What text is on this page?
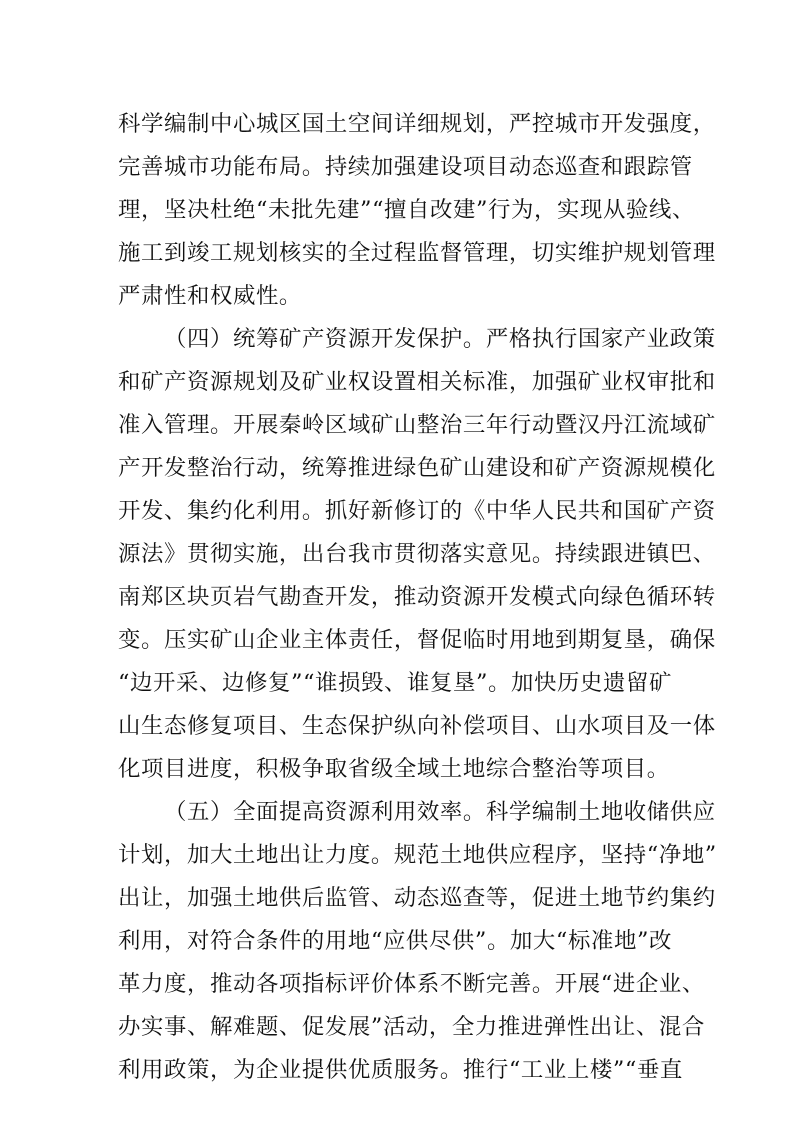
科学编制中心城区国土空间详细规划，严控城市开发强度，
完善城市功能布局。持续加强建设项目动态巡查和跟踪管
理，坚决杜绝“未批先建”“擅自改建”行为，实现从验线、
施工到竣工规划核实的全过程监督管理，切实维护规划管理
严肃性和权威性。
（四）统筹矿产资源开发保护。严格执行国家产业政策
和矿产资源规划及矿业权设置相关标准，加强矿业权审批和
准入管理。开展秦岭区域矿山整治三年行动暨汉丹江流域矿
产开发整治行动，统筹推进绿色矿山建设和矿产资源规模化
开发、集约化利用。抓好新修订的《中华人民共和国矿产资
源法》贯彻实施，出台我市贯彻落实意见。持续跟进镇巴、
南郑区块页岩气勘查开发，推动资源开发模式向绿色循环转
变。压实矿山企业主体责任，督促临时用地到期复垦，确保
“边开采、边修复”“谁损毁、谁复垦”。加快历史遗留矿
山生态修复项目、生态保护纵向补偿项目、山水项目及一体
化项目进度，积极争取省级全域土地综合整治等项目。
（五）全面提高资源利用效率。科学编制土地收储供应
计划，加大土地出让力度。规范土地供应程序，坚持“净地”
出让，加强土地供后监管、动态巡查等，促进土地节约集约
利用，对符合条件的用地“应供尽供”。加大“标准地”改
革力度，推动各项指标评价体系不断完善。开展“进企业、
办实事、解难题、促发展”活动，全力推进弹性出让、混合
利用政策，为企业提供优质服务。推行“工业上楼”“垂直
